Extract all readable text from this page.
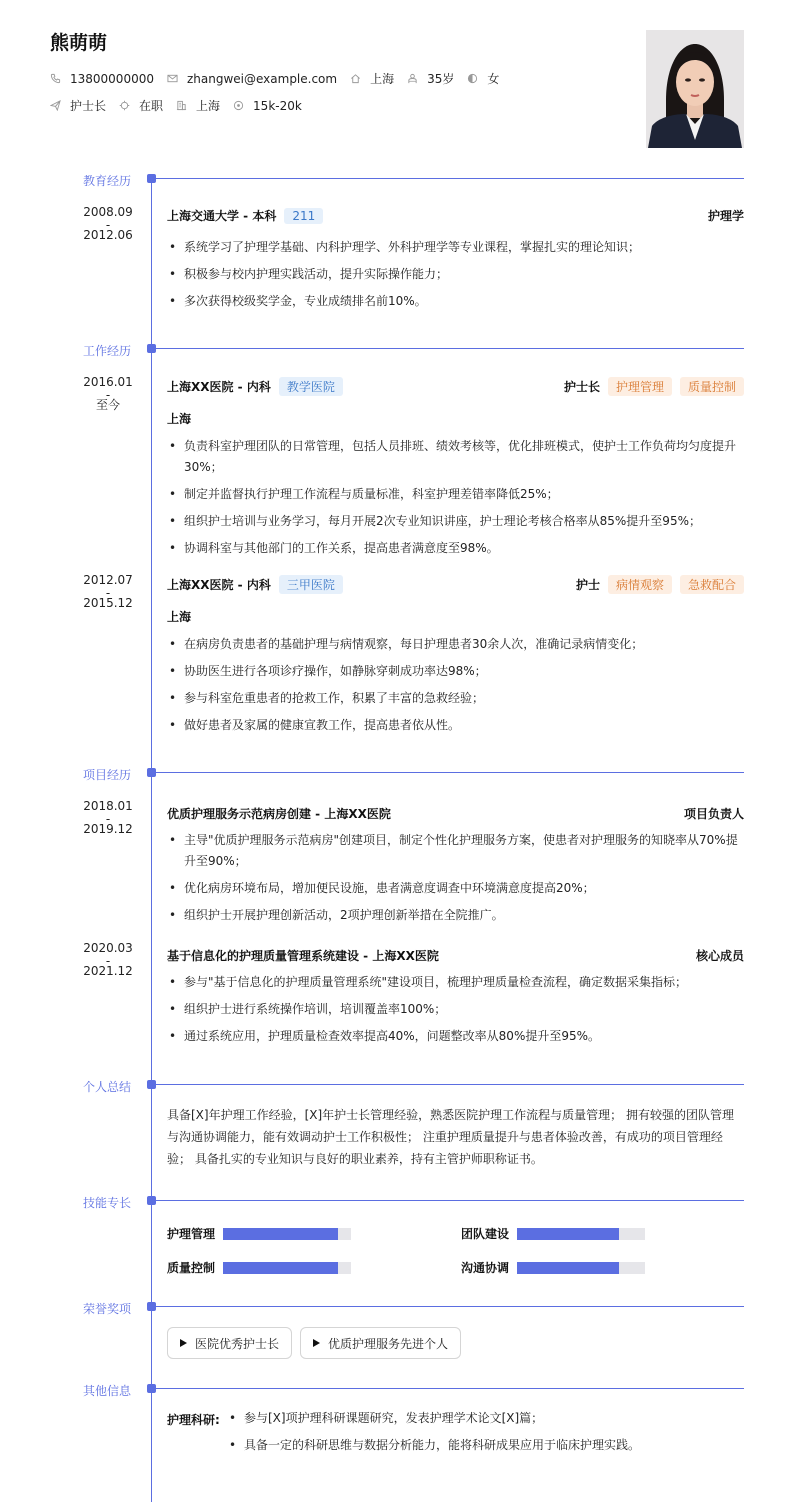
熊萌萌
13800000000	zhangwei@example.com	上海	35岁	女
护士长	在职	上海	15k-20k
教育经历
2008.09
-
2012.06
上海交通大学 - 本科	211	护理学
• 系统学习了护理学基础、内科护理学、外科护理学等专业课程，掌握扎实的理论知识；
• 积极参与校内护理实践活动，提升实际操作能力；
• 多次获得校级奖学金，专业成绩排名前10%。
工作经历
2016.01
-
至今
上海XX医院 - 内科	教学医院	护士长	护理管理	质量控制
上海
• 负责科室护理团队的日常管理，包括人员排班、绩效考核等，优化排班模式，使护士工作负荷均匀度提升30%；
• 制定并监督执行护理工作流程与质量标准，科室护理差错率降低25%；
• 组织护士培训与业务学习，每月开展2次专业知识讲座，护士理论考核合格率从85%提升至95%；
• 协调科室与其他部门的工作关系，提高患者满意度至98%。
2012.07
-
2015.12
上海XX医院 - 内科	三甲医院	护士	病情观察	急救配合
上海
• 在病房负责患者的基础护理与病情观察，每日护理患者30余人次，准确记录病情变化；
• 协助医生进行各项诊疗操作，如静脉穿刺成功率达98%；
• 参与科室危重患者的抢救工作，积累了丰富的急救经验；
• 做好患者及家属的健康宣教工作，提高患者依从性。
项目经历
2018.01
-
2019.12
优质护理服务示范病房创建 - 上海XX医院	项目负责人
• 主导"优质护理服务示范病房"创建项目，制定个性化护理服务方案，使患者对护理服务的知晓率从70%提升至90%；
• 优化病房环境布局，增加便民设施，患者满意度调查中环境满意度提高20%；
• 组织护士开展护理创新活动，2项护理创新举措在全院推广。
2020.03
-
2021.12
基于信息化的护理质量管理系统建设 - 上海XX医院	核心成员
• 参与"基于信息化的护理质量管理系统"建设项目，梳理护理质量检查流程，确定数据采集指标；
• 组织护士进行系统操作培训，培训覆盖率100%；
• 通过系统应用，护理质量检查效率提高40%，问题整改率从80%提升至95%。
个人总结
具备[X]年护理工作经验，[X]年护士长管理经验，熟悉医院护理工作流程与质量管理； 拥有较强的团队管理与沟通协调能力，能有效调动护士工作积极性； 注重护理质量提升与患者体验改善，有成功的项目管理经验； 具备扎实的专业知识与良好的职业素养，持有主管护师职称证书。
技能专长
护理管理	团队建设
质量控制	沟通协调
荣誉奖项
医院优秀护士长	优质护理服务先进个人
其他信息
护理科研:
•	参与[X]项护理科研课题研究，发表护理学术论文[X]篇；
• 具备一定的科研思维与数据分析能力，能将科研成果应用于临床护理实践。
